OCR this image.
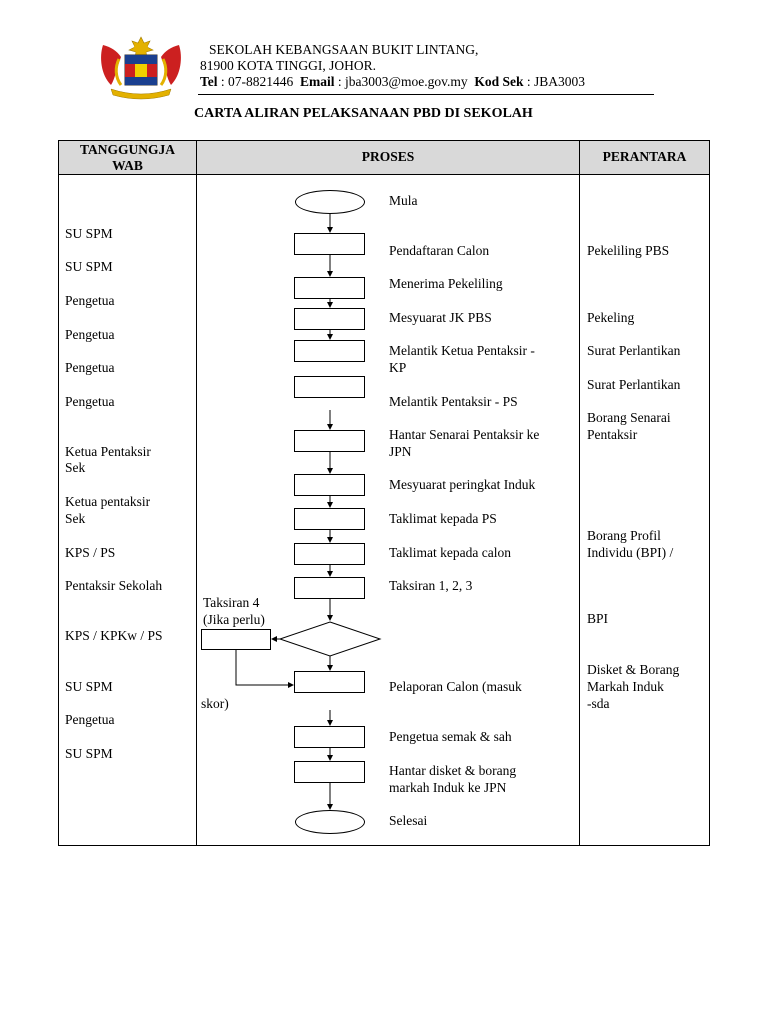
SEKOLAH KEBANGSAAN BUKIT LINTANG,
81900 KOTA TINGGI, JOHOR.
Tel : 07-8821446 Email : jba3003@moe.gov.my Kod Sek : JBA3003
CARTA ALIRAN PELAKSANAAN PBD DI SEKOLAH
TANGGUNGJA
WAB
PROSES	PERANTARA
SU SPM
SU SPM
Pengetua
Pengetua
Pengetua
Pengetua
Ketua Pentaksir
Sek
Ketua pentaksir
Sek
KPS / PS
Pentaksir Sekolah
KPS / KPKw / PS
SU SPM
Pengetua
SU SPM
Mula
Pendaftaran Calon
Menerima Pekeliling
Mesyuarat JK PBS
Melantik Ketua Pentaksir -
KP
Melantik Pentaksir - PS
Hantar Senarai Pentaksir ke
JPN
Mesyuarat peringkat Induk
Taklimat kepada PS
Taklimat kepada calon
Taksiran 1, 2, 3
Pelaporan Calon (masuk
skor)
Pengetua semak & sah
Hantar disket & borang
markah Induk ke JPN
Selesai
Taksiran 4
(Jika perlu)
Pekeliling PBS
Pekeling
Surat Perlantikan
Surat Perlantikan
Borang Senarai
Pentaksir
Borang Profil
Individu (BPI) /
BPI
Disket & Borang
Markah Induk
-sda
